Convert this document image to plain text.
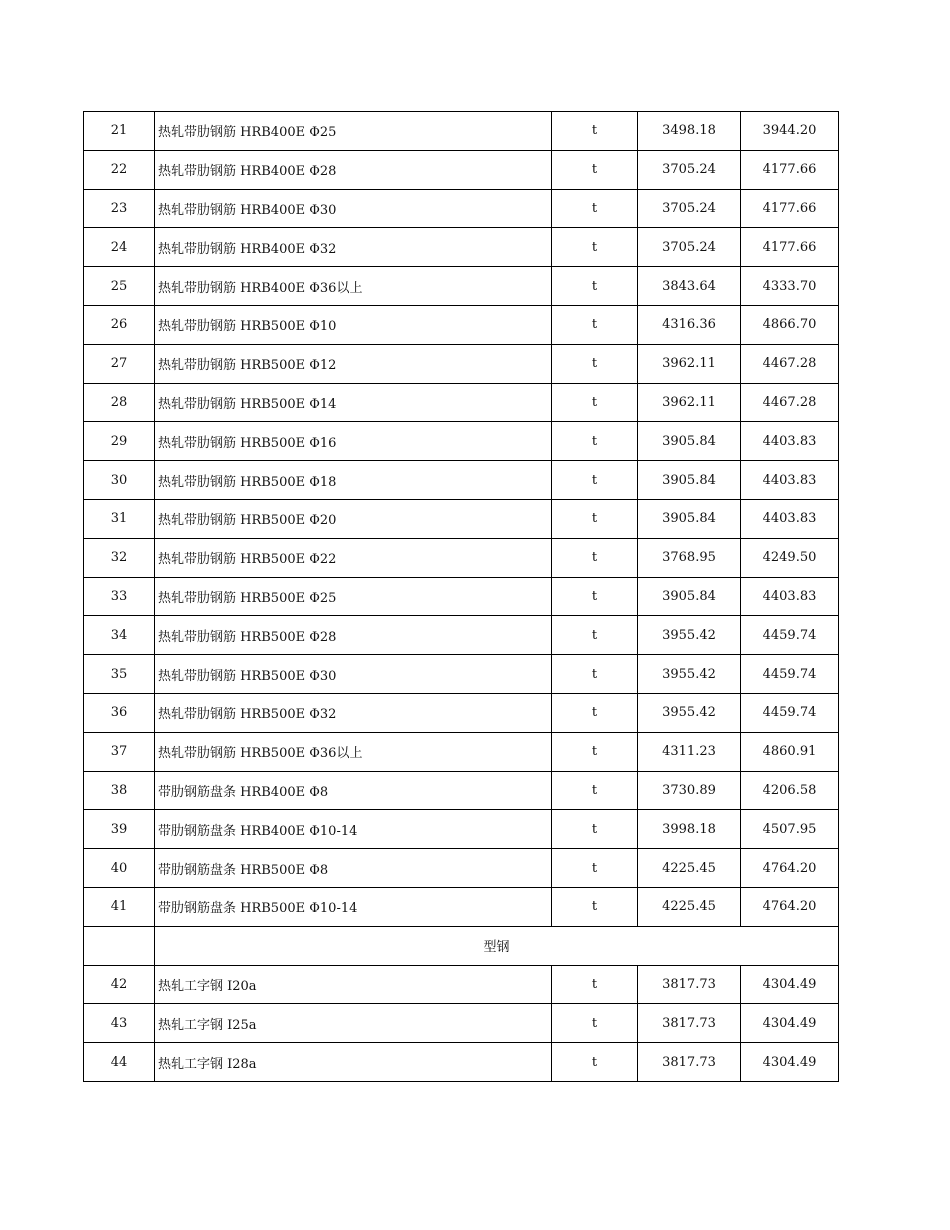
21	热轧带肋钢筋 HRB400E Φ25	t	3498.18	3944.20
22	热轧带肋钢筋 HRB400E Φ28	t	3705.24	4177.66
23	热轧带肋钢筋 HRB400E Φ30	t	3705.24	4177.66
24	热轧带肋钢筋 HRB400E Φ32	t	3705.24	4177.66
25	热轧带肋钢筋 HRB400E Φ36以上	t	3843.64	4333.70
26	热轧带肋钢筋 HRB500E Φ10	t	4316.36	4866.70
27	热轧带肋钢筋 HRB500E Φ12	t	3962.11	4467.28
28	热轧带肋钢筋 HRB500E Φ14	t	3962.11	4467.28
29	热轧带肋钢筋 HRB500E Φ16	t	3905.84	4403.83
30	热轧带肋钢筋 HRB500E Φ18	t	3905.84	4403.83
31	热轧带肋钢筋 HRB500E Φ20	t	3905.84	4403.83
32	热轧带肋钢筋 HRB500E Φ22	t	3768.95	4249.50
33	热轧带肋钢筋 HRB500E Φ25	t	3905.84	4403.83
34	热轧带肋钢筋 HRB500E Φ28	t	3955.42	4459.74
35	热轧带肋钢筋 HRB500E Φ30	t	3955.42	4459.74
36	热轧带肋钢筋 HRB500E Φ32	t	3955.42	4459.74
37	热轧带肋钢筋 HRB500E Φ36以上	t	4311.23	4860.91
38	带肋钢筋盘条 HRB400E Φ8	t	3730.89	4206.58
39	带肋钢筋盘条 HRB400E Φ10-14	t	3998.18	4507.95
40	带肋钢筋盘条 HRB500E Φ8	t	4225.45	4764.20
41	带肋钢筋盘条 HRB500E Φ10-14	t	4225.45	4764.20
	型钢			
42	热轧工字钢 I20a	t	3817.73	4304.49
43	热轧工字钢 I25a	t	3817.73	4304.49
44	热轧工字钢 I28a	t	3817.73	4304.49
